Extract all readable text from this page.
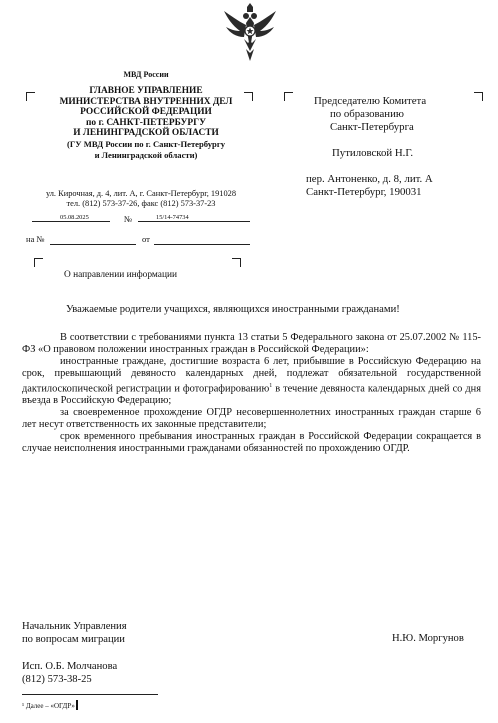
МВД России
ГЛАВНОЕ УПРАВЛЕНИЕ
МИНИСТЕРСТВА ВНУТРЕННИХ ДЕЛ
РОССИЙСКОЙ ФЕДЕРАЦИИ
по г. САНКТ-ПЕТЕРБУРГУ
И ЛЕНИНГРАДСКОЙ ОБЛАСТИ
(ГУ МВД России по г. Санкт-Петербургу
и Ленинградской области)
ул. Кирочная, д. 4, лит. А, г. Санкт-Петербург, 191028
тел. (812) 573-37-26, факс (812) 573-37-23
№
05.08.2025	15/14-74734
на №	от
О направлении информации
Председателю Комитета
по образованию
Санкт-Петербурга
Путиловской Н.Г.
пер. Антоненко, д. 8, лит. А
Санкт-Петербург, 190031
Уважаемые родители учащихся, являющихся иностранными гражданами!

В соответствии с требованиями пункта 13 статьи 5 Федерального закона от 25.07.2002 № 115-ФЗ «О правовом положении иностранных граждан в Российской Федерации»:

иностранные граждане, достигшие возраста 6 лет, прибывшие в Российскую Федерацию на срок, превышающий девяносто календарных дней, подлежат обязательной государственной дактилоскопической регистрации и фотографированию$^1$ в течение девяноста календарных дней со дня въезда в Российскую Федерацию;

за своевременное прохождение ОГДР несовершеннолетних иностранных граждан старше 6 лет несут ответственность их законные представители;

срок временного пребывания иностранных граждан в Российской Федерации сокращается в случае неисполнения иностранными гражданами обязанностей по прохождению ОГДР.

Начальник Управления
по вопросам миграции	Н.Ю. Моргунов
Исп. О.Б. Молчанова
(812) 573-38-25
¹ Далее – «ОГДР»
